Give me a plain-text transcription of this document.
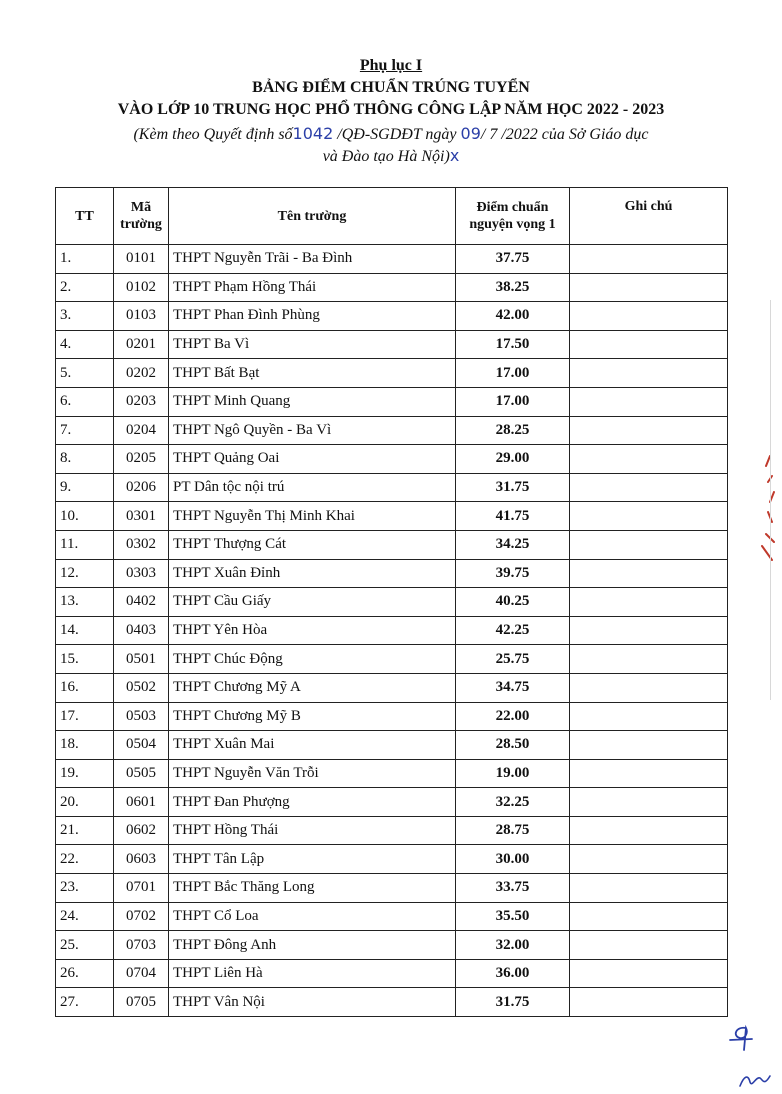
Phụ lục I
BẢNG ĐIỂM CHUẨN TRÚNG TUYỂN
VÀO LỚP 10 TRUNG HỌC PHỔ THÔNG CÔNG LẬP NĂM HỌC 2022 - 2023
(Kèm theo Quyết định số1042 /QĐ-SGDĐT ngày 09/ 7 /2022 của Sở Giáo dục
và Đào tạo Hà Nội)x
TT	Mã trường	Tên trường	Điểm chuẩn nguyện vọng 1	Ghi chú
1.	0101	THPT Nguyễn Trãi - Ba Đình	37.75	
2.	0102	THPT Phạm Hồng Thái	38.25	
3.	0103	THPT Phan Đình Phùng	42.00	
4.	0201	THPT Ba Vì	17.50	
5.	0202	THPT Bất Bạt	17.00	
6.	0203	THPT Minh Quang	17.00	
7.	0204	THPT Ngô Quyền - Ba Vì	28.25	
8.	0205	THPT Quảng Oai	29.00	
9.	0206	PT Dân tộc nội trú	31.75	
10.	0301	THPT Nguyễn Thị Minh Khai	41.75	
11.	0302	THPT Thượng Cát	34.25	
12.	0303	THPT Xuân Đỉnh	39.75	
13.	0402	THPT Cầu Giấy	40.25	
14.	0403	THPT Yên Hòa	42.25	
15.	0501	THPT Chúc Động	25.75	
16.	0502	THPT Chương Mỹ A	34.75	
17.	0503	THPT Chương Mỹ B	22.00	
18.	0504	THPT Xuân Mai	28.50	
19.	0505	THPT Nguyễn Văn Trỗi	19.00	
20.	0601	THPT Đan Phượng	32.25	
21.	0602	THPT Hồng Thái	28.75	
22.	0603	THPT Tân Lập	30.00	
23.	0701	THPT Bắc Thăng Long	33.75	
24.	0702	THPT Cổ Loa	35.50	
25.	0703	THPT Đông Anh	32.00	
26.	0704	THPT Liên Hà	36.00	
27.	0705	THPT Vân Nội	31.75	
